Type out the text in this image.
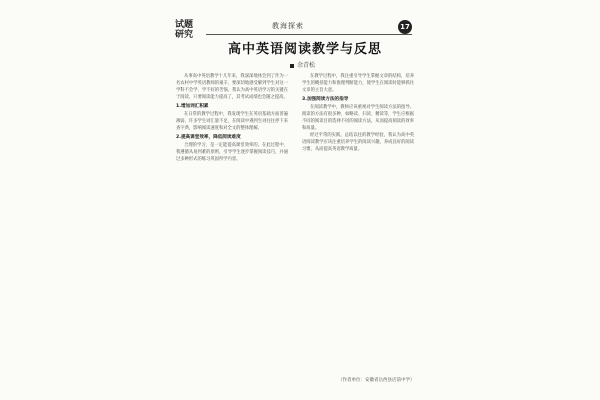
试题
研究
教海探索	17
高中英语阅读教学与反思
余青松

从事高中英语教学十几年来，我深深地体会到了作为一名农村中学英语教师的艰辛，要深切地感受解到学生对这一学科不会学、学不好的苦恼。我认为高中英语学习的关键在于阅读，只要阅读能力提高了，其考试成绩也会随之提高。

1.增加词汇积累

在日常的教学过程中，我发现学生在英语基础方面普遍薄弱，许多学生词汇量不足，在阅读中遇到生词往往停下来查字典，影响阅读速度和对全文的整体理解。

2.提高课堂效率，降低阅读难度

合理的学习，是一定能提高课堂效率的。在此过程中，我遵循从易到难的原则，引导学生逐步掌握阅读技巧，并通过多种形式的练习巩固所学内容。

在教学过程中，我注重引导学生掌握文章的结构，培养学生的概括能力和推理判断能力，使学生在阅读时能够抓住文章的主旨大意。

3.加强阅读方法的指导

在阅读教学中，教师应该重视对学生阅读方法的指导。阅读的方法有很多种，如略读、扫读、精读等，学生应根据不同的阅读目的选择不同的阅读方法，从而提高阅读的效率和质量。

经过平常的实践，总结以往的教学经验，我认为高中英语阅读教学应该注重培养学生的阅读兴趣，养成良好的阅读习惯，从而提高英语教学质量。

（作者单位：安徽省岳西县店前中学）
